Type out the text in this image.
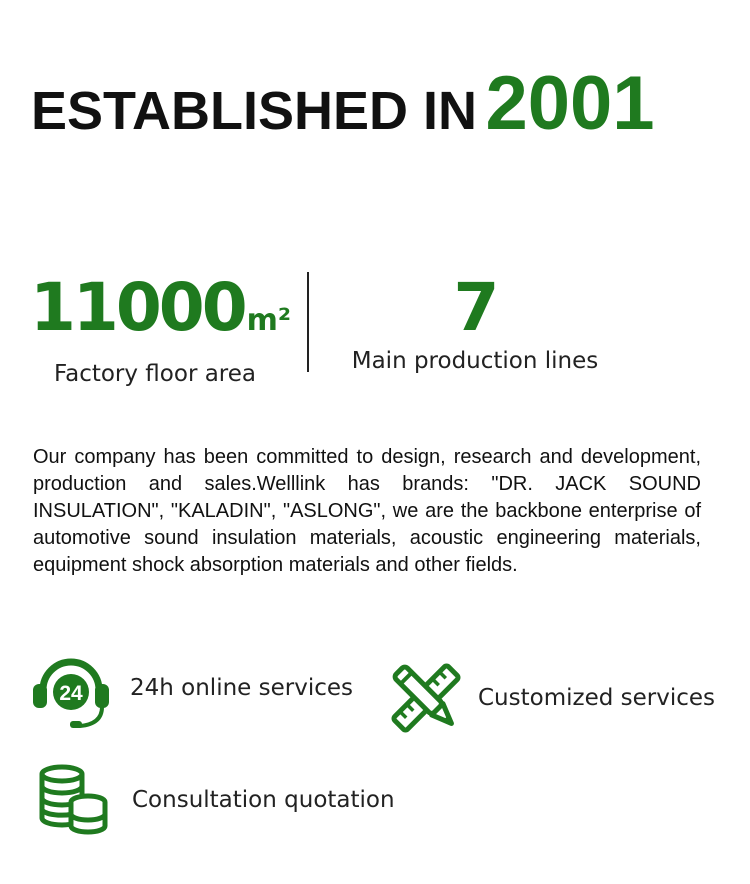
ESTABLISHED IN 2001
11000m²
Factory floor area
7
Main production lines

Our company has been committed to design, research and development, production and sales.Welllink has brands: "DR. JACK SOUND INSULATION", "KALADIN", "ASLONG", we are the backbone enterprise of automotive sound insulation materials, acoustic engineering materials, equipment shock absorption materials and other fields.

24 24h online services	Customized services
Consultation quotation
